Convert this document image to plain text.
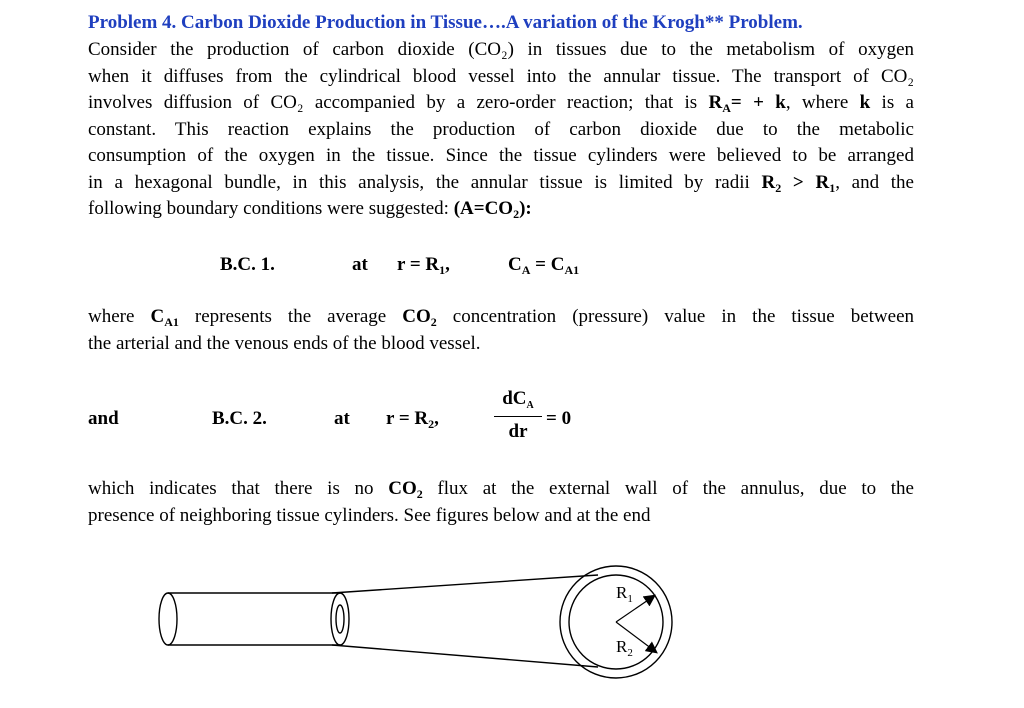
Problem 4. Carbon Dioxide Production in Tissue….A variation of the Krogh** Problem.
Consider the production of carbon dioxide (CO₂) in tissues due to the metabolism of oxygen
when it diffuses from the cylindrical blood vessel into the annular tissue. The transport of CO₂
involves diffusion of CO₂ accompanied by a zero-order reaction; that is $R_A= + k$, where k is a
constant. This reaction explains the production of carbon dioxide due to the metabolic
consumption of the oxygen in the tissue. Since the tissue cylinders were believed to be arranged
in a hexagonal bundle, in this analysis, the annular tissue is limited by radii $R_2 > R_1$, and the
following boundary conditions were suggested: $(A=CO_2)$:
B.C. 1.	at $r = R_1$,	$C_A = C_{A1}$
where $C_{A1}$ represents the average $CO_2$ concentration (pressure) value in the tissue between
the arterial and the venous ends of the blood vessel.
and	B.C. 2.	at $r = R_2$,
$dC_A$
dr
= 0
which indicates that there is no $CO_2$ flux at the external wall of the annulus, due to the
presence of neighboring tissue cylinders. See figures below and at the end
$R_1$
$R_2$
